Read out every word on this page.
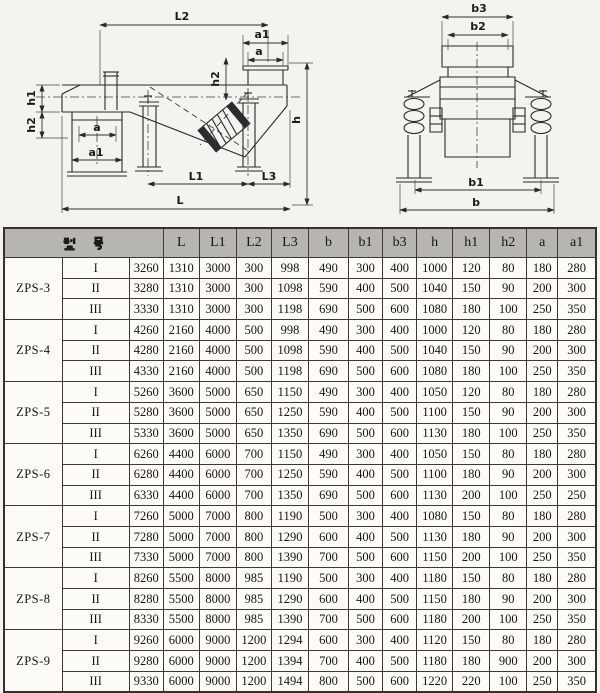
L2
a1
a
h2
h1
h2	a
a1
L1	L3
L
h
b3
b2
b1
b
	L	L1	L2	L3	b	b1	b3	h	h1	h2	a	a1
ZPS-3	I	3260	1310	3000	300	998	490	300	400	1000	120	80	180	280
	II	3280	1310	3000	300	1098	590	400	500	1040	150	90	200	300
	III	3330	1310	3000	300	1198	690	500	600	1080	180	100	250	350
ZPS-4	I	4260	2160	4000	500	998	490	300	400	1000	120	80	180	280
	II	4280	2160	4000	500	1098	590	400	500	1040	150	90	200	300
	III	4330	2160	4000	500	1198	690	500	600	1080	180	100	250	350
ZPS-5	I	5260	3600	5000	650	1150	490	300	400	1050	120	80	180	280
	II	5280	3600	5000	650	1250	590	400	500	1100	150	90	200	300
	III	5330	3600	5000	650	1350	690	500	600	1130	180	100	250	350
ZPS-6	I	6260	4400	6000	700	1150	490	300	400	1050	150	80	180	280
	II	6280	4400	6000	700	1250	590	400	500	1100	180	90	200	300
	III	6330	4400	6000	700	1350	690	500	600	1130	200	100	250	250
ZPS-7	I	7260	5000	7000	800	1190	500	300	400	1080	150	80	180	280
	II	7280	5000	7000	800	1290	600	400	500	1130	180	90	200	300
	III	7330	5000	7000	800	1390	700	500	600	1150	200	100	250	350
ZPS-8	I	8260	5500	8000	985	1190	500	300	400	1180	150	80	180	280
	II	8280	5500	8000	985	1290	600	400	500	1150	180	90	200	300
	III	8330	5500	8000	985	1390	700	500	600	1180	200	100	250	350
ZPS-9	I	9260	6000	9000	1200	1294	600	300	400	1120	150	80	180	280
	II	9280	6000	9000	1200	1394	700	400	500	1180	180	900	200	300
	III	9330	6000	9000	1200	1494	800	500	600	1220	220	100	250	350
